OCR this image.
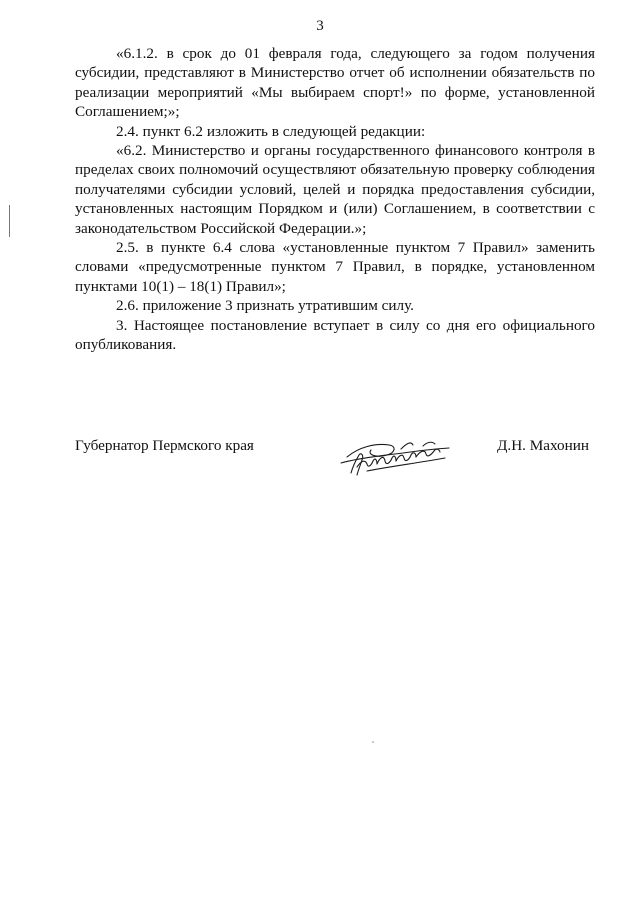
3

«6.1.2. в срок до 01 февраля года, следующего за годом получения субсидии, представляют в Министерство отчет об исполнении обязательств по реализации мероприятий «Мы выбираем спорт!» по форме, установленной Соглашением;»;

2.4. пункт 6.2 изложить в следующей редакции:

«6.2. Министерство и органы государственного финансового контроля в пределах своих полномочий осуществляют обязательную проверку соблюдения получателями субсидии условий, целей и порядка предоставления субсидии, установленных настоящим Порядком и (или) Соглашением, в соответствии с законодательством Российской Федерации.»;

2.5. в пункте 6.4 слова «установленные пунктом 7 Правил» заменить словами «предусмотренные пунктом 7 Правил, в порядке, установленном пунктами 10(1) – 18(1) Правил»;

2.6. приложение 3 признать утратившим силу.

3. Настоящее постановление вступает в силу со дня его официального опубликования.

Губернатор Пермского края	Д.Н. Махонин
